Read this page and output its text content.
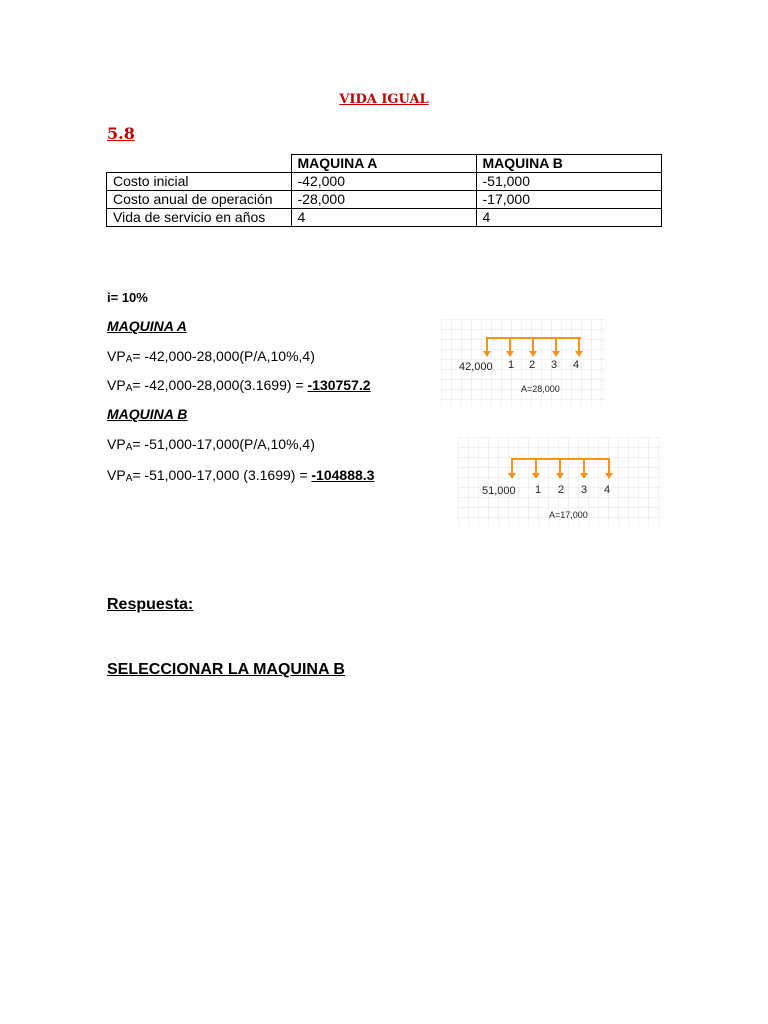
VIDA IGUAL
5.8
	MAQUINA A	MAQUINA B
Costo inicial	-42,000	-51,000
Costo anual de operación	-28,000	-17,000
Vida de servicio en años	4	4
i= 10%
MAQUINA A
$VP_A= -42,000-28,000(P/A,10\%,4)$
$VP_A= -42,000-28,000(3.1699) = -130757.2$
MAQUINA B
$VP_A= -51,000-17,000(P/A,10\%,4)$
$VP_A= -51,000-17,000$ (3.1699) = -104888.3
42,000 1 2 3 4
A=28,000
51,000 1 2 3 4
A=17,000
Respuesta:
SELECCIONAR LA MAQUINA B
